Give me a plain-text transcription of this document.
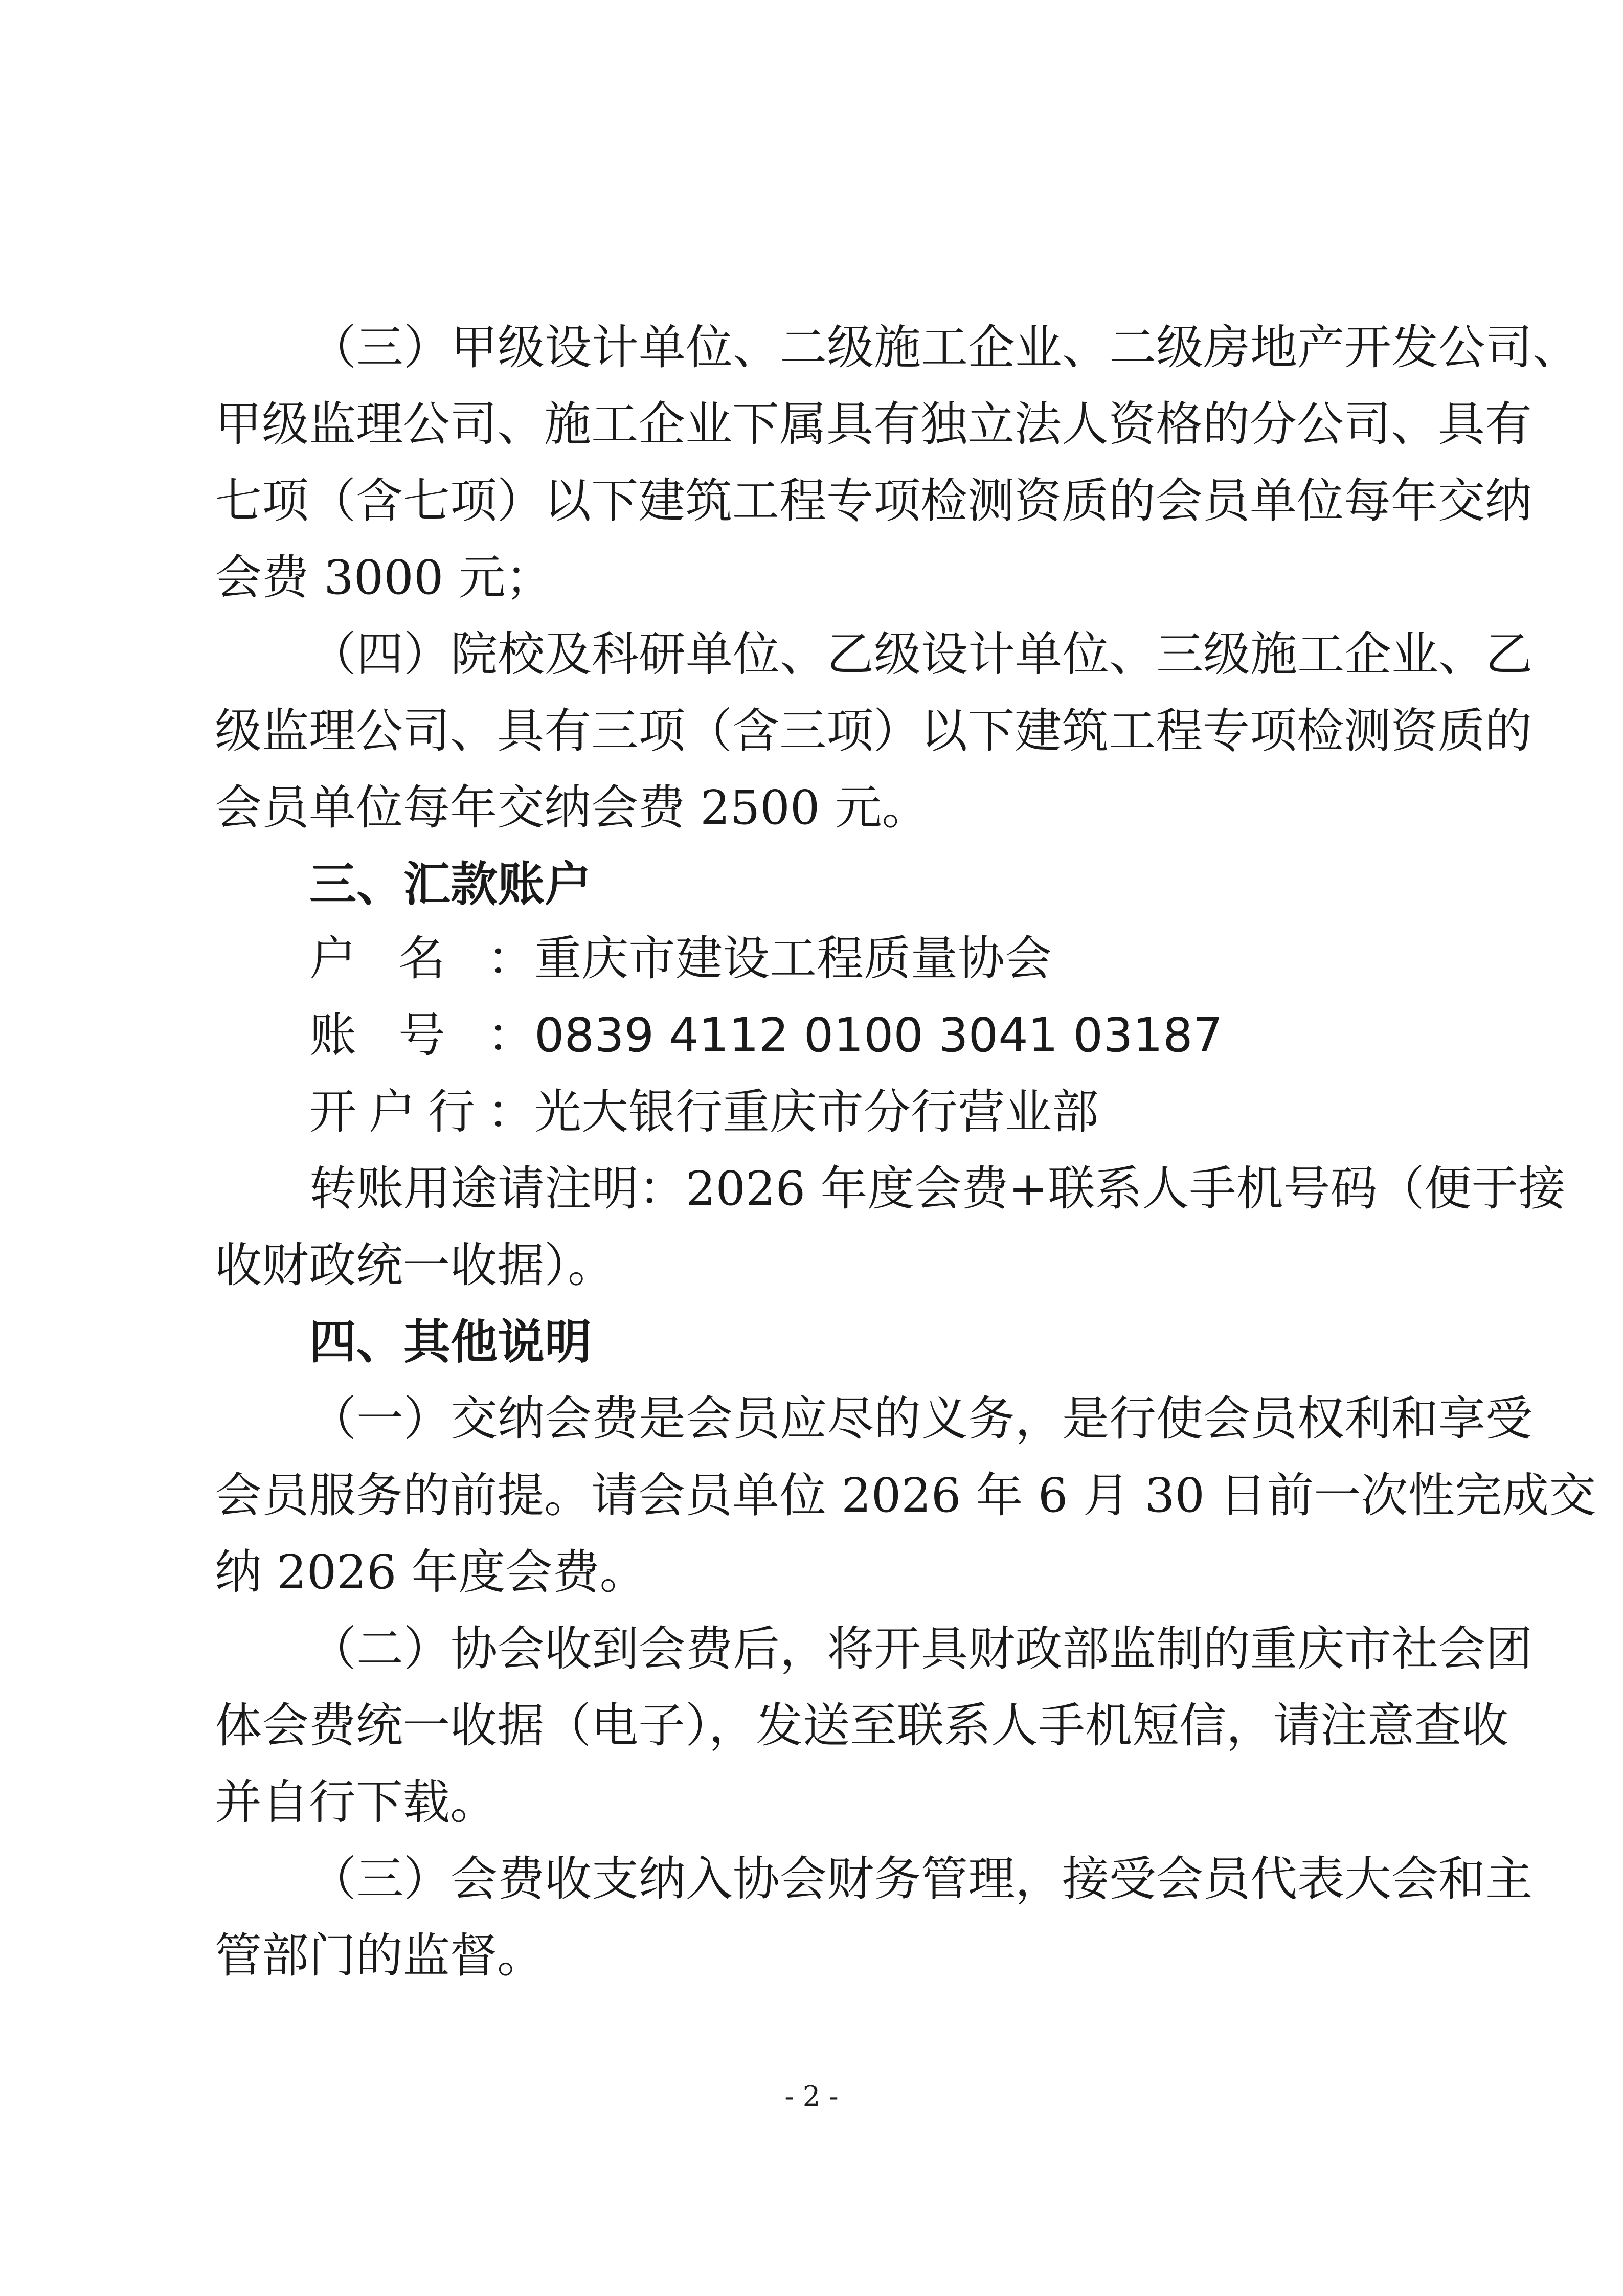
（三）甲级设计单位、二级施工企业、二级房地产开发公司、
甲级监理公司、施工企业下属具有独立法人资格的分公司、具有
七项（含七项）以下建筑工程专项检测资质的会员单位每年交纳
会费 3000 元；
（四）院校及科研单位、乙级设计单位、三级施工企业、乙
级监理公司、具有三项（含三项）以下建筑工程专项检测资质的
会员单位每年交纳会费 2500 元。
三、汇款账户
户名：重庆市建设工程质量协会
账号：0839 4112 0100 3041 03187
开户行：光大银行重庆市分行营业部
转账用途请注明：2026 年度会费+联系人手机号码（便于接
收财政统一收据）。
四、其他说明
（一）交纳会费是会员应尽的义务，是行使会员权利和享受
会员服务的前提。请会员单位 2026 年 6 月 30 日前一次性完成交
纳 2026 年度会费。
（二）协会收到会费后，将开具财政部监制的重庆市社会团
体会费统一收据（电子），发送至联系人手机短信，请注意查收
并自行下载。
（三）会费收支纳入协会财务管理，接受会员代表大会和主
管部门的监督。
- 2 -
